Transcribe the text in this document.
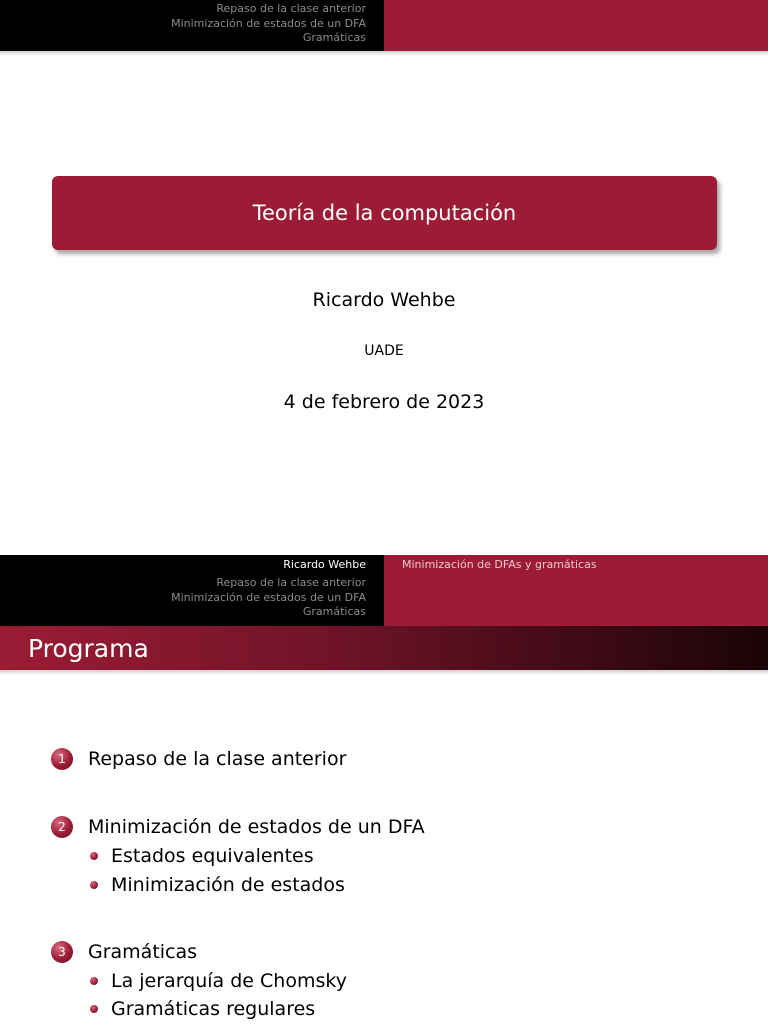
Repaso de la clase anterior
Minimización de estados de un DFA
Gramáticas
Teoría de la computación
Ricardo Wehbe
UADE
4 de febrero de 2023
Ricardo Wehbe
Repaso de la clase anterior
Minimización de estados de un DFA
Gramáticas
Minimización de DFAs y gramáticas
Programa
1	Repaso de la clase anterior
2	Minimización de estados de un DFA
Estados equivalentes
Minimización de estados
3	Gramáticas
La jerarquía de Chomsky
Gramáticas regulares
